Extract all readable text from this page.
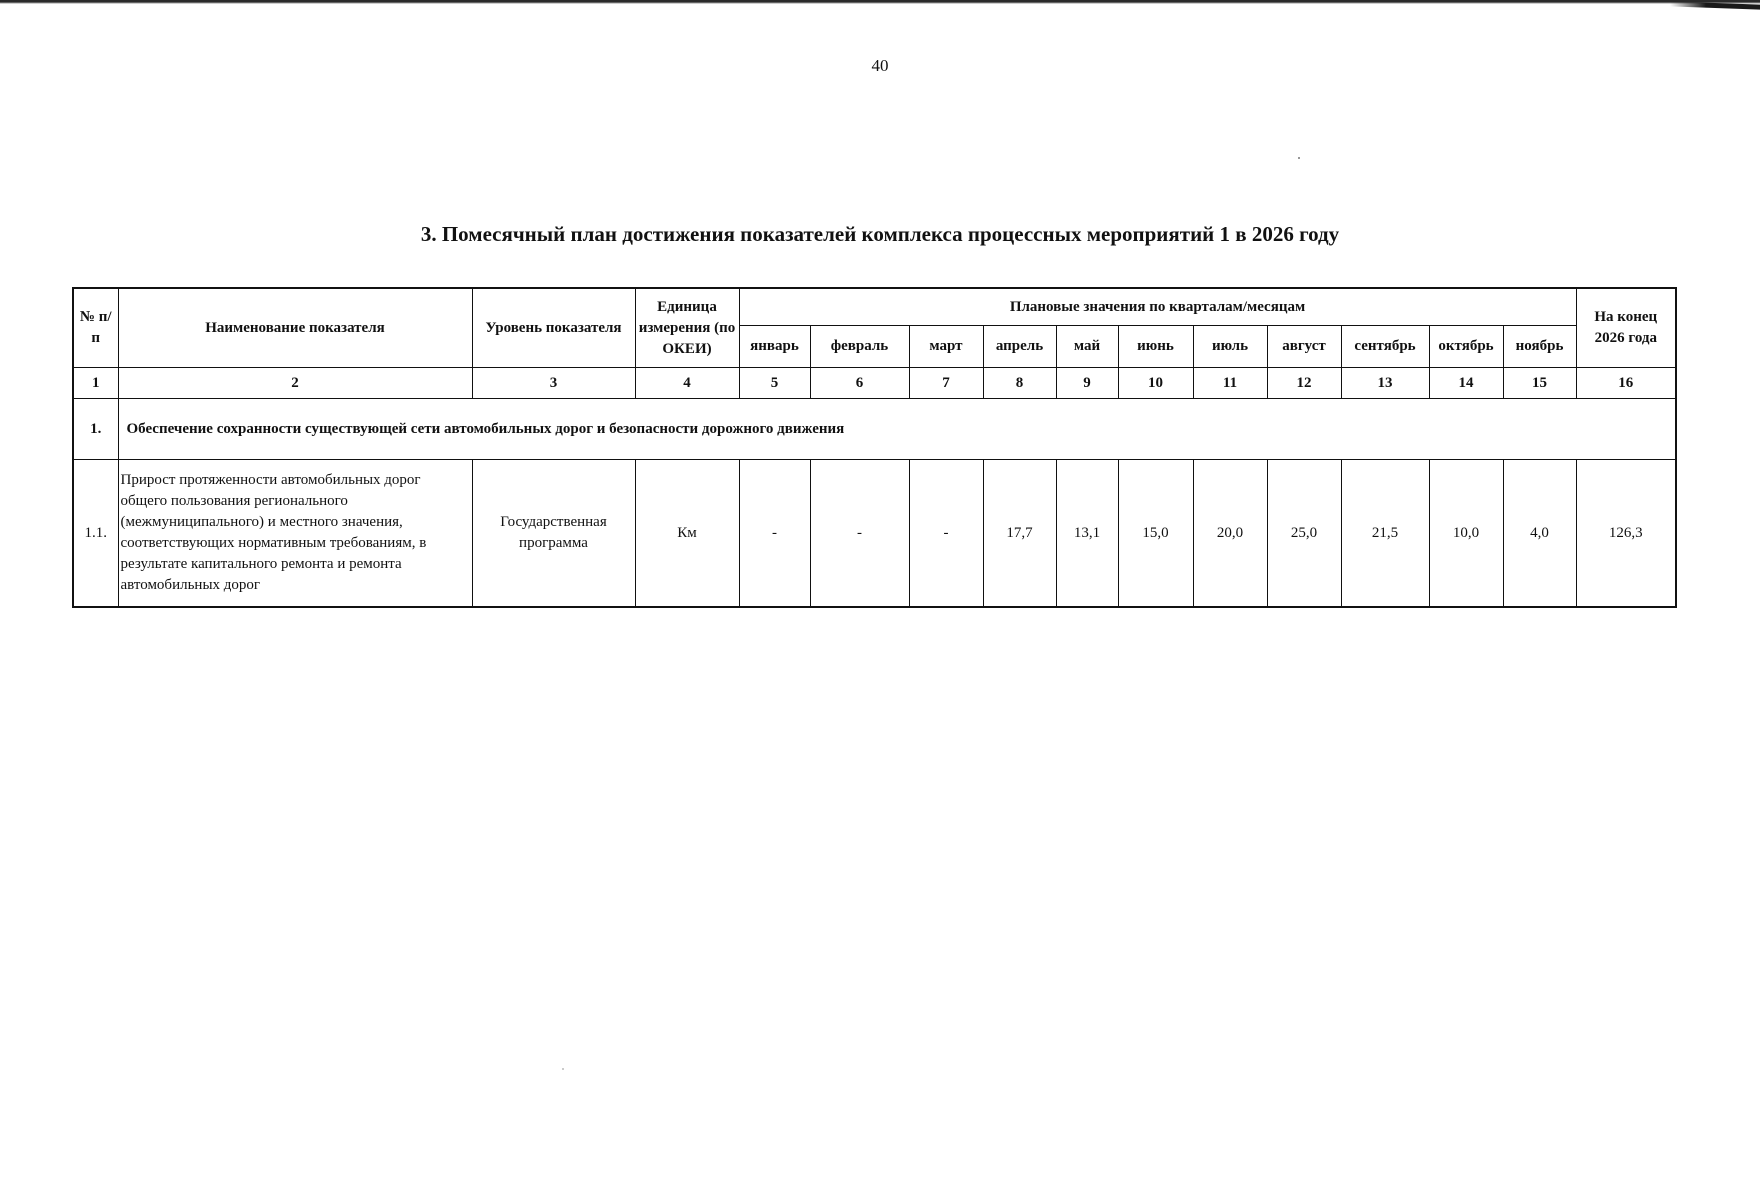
40
3. Помесячный план достижения показателей комплекса процессных мероприятий 1 в 2026 году
№ п/п	Наименование показателя	Уровень показателя	Единица измерения (по ОКЕИ)	Плановые значения по кварталам/месяцам											На конец 2026 года
				январь	февраль	март	апрель	май	июнь	июль	август	сентябрь	октябрь	ноябрь	
1	2	3	4	5	6	7	8	9	10	11	12	13	14	15	16
1.	Обеспечение сохранности существующей сети автомобильных дорог и безопасности дорожного движения														
1.1.	Прирост протяженности автомобильных дорог общего пользования регионального (межмуниципального) и местного значения, соответствующих нормативным требованиям, в результате капитального ремонта и ремонта автомобильных дорог	Государственная программа	Км	-	-	-	17,7	13,1	15,0	20,0	25,0	21,5	10,0	4,0	126,3
